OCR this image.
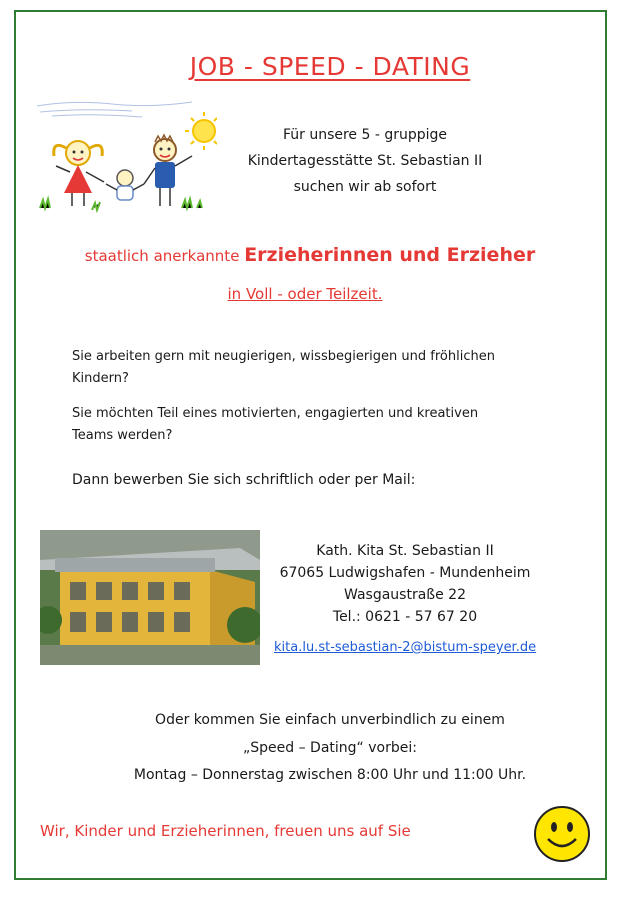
JOB - SPEED - DATING
Für unsere 5 - gruppige
Kindertagesstätte St. Sebastian II
suchen wir ab sofort
staatlich anerkannte Erzieherinnen und Erzieher
in Voll - oder Teilzeit.
Sie arbeiten gern mit neugierigen, wissbegierigen und fröhlichen
Kindern?
Sie möchten Teil eines motivierten, engagierten und kreativen
Teams werden?
Dann bewerben Sie sich schriftlich oder per Mail:
Kath. Kita St. Sebastian II
67065 Ludwigshafen - Mundenheim
Wasgaustraße 22
Tel.: 0621 - 57 67 20
kita.lu.st-sebastian-2@bistum-speyer.de
Oder kommen Sie einfach unverbindlich zu einem
„Speed – Dating“ vorbei:
Montag – Donnerstag zwischen 8:00 Uhr und 11:00 Uhr.
Wir, Kinder und Erzieherinnen, freuen uns auf Sie
